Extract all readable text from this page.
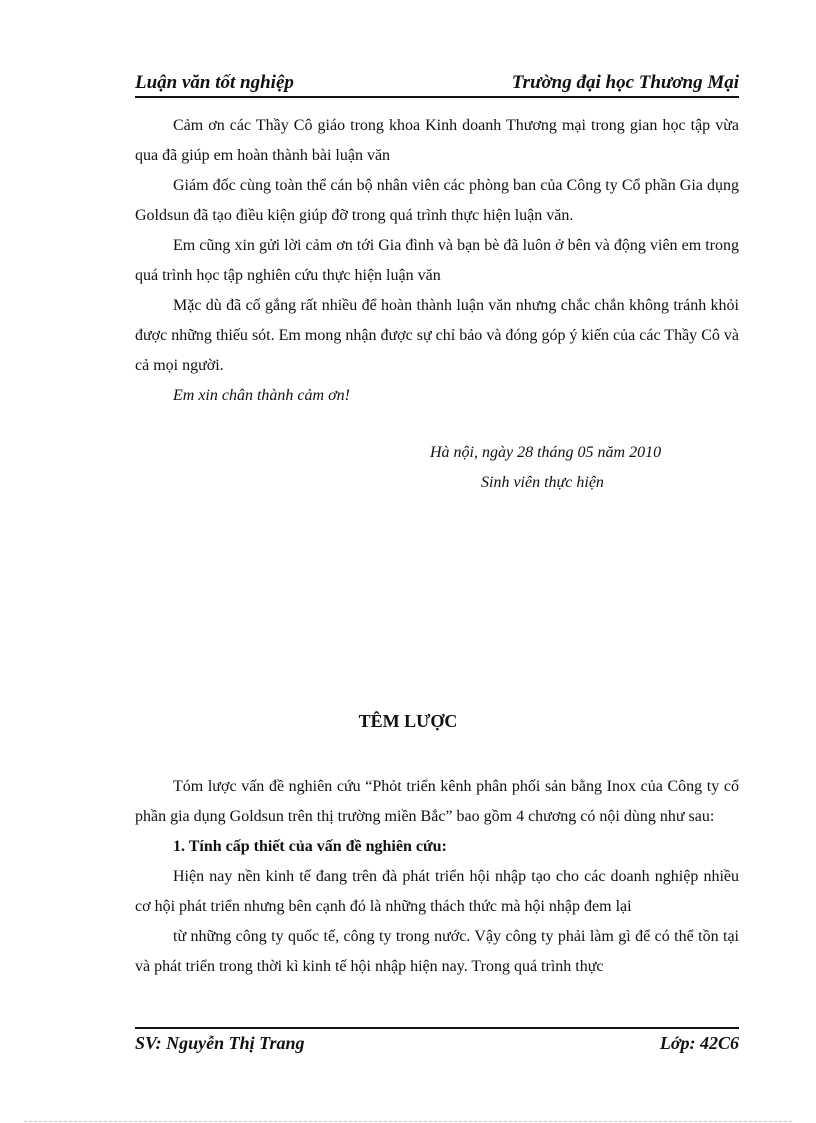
Luận văn tốt nghiệp	Trường đại học Thương Mại

Cảm ơn các Thầy Cô giáo trong khoa Kinh doanh Thương mại trong gian học tập vừa qua đã giúp em hoàn thành bài luận văn

Giám đốc cùng toàn thể cán bộ nhân viên các phòng ban của Công ty Cổ phần Gia dụng Goldsun đã tạo điều kiện giúp đỡ trong quá trình thực hiện luận văn.

Em cũng xin gửi lời cảm ơn tới Gia đình và bạn bè đã luôn ở bên và động viên em trong quá trình học tập nghiên cứu thực hiện luận văn

Mặc dù đã cố gắng rất nhiều để hoàn thành luận văn nhưng chắc chắn không tránh khỏi được những thiếu sót. Em mong nhận được sự chỉ bảo và đóng góp ý kiến của các Thầy Cô và cả mọi người.

Em xin chân thành cảm ơn!

Hà nội, ngày 28 tháng 05 năm 2010
Sinh viên thực hiện
TÊM LƯỢC

Tóm lược vấn đề nghiên cứu “Phỏt triển kênh phân phối sản bằng Inox của Công ty cổ phần gia dụng Goldsun trên thị trường miền Bắc” bao gồm 4 chương có nội dùng như sau:

1. Tính cấp thiết của vấn đề nghiên cứu:

Hiện nay nền kinh tế đang trên đà phát triển hội nhập tạo cho các doanh nghiệp nhiều cơ hội phát triển nhưng bên cạnh đó là những thách thức mà hội nhập đem lại

từ những công ty quốc tế, công ty trong nước. Vậy công ty phải làm gì để có thể tồn tại và phát triển trong thời kì kinh tế hội nhập hiện nay. Trong quá trình thực

SV: Nguyễn Thị Trang	Lớp: 42C6
